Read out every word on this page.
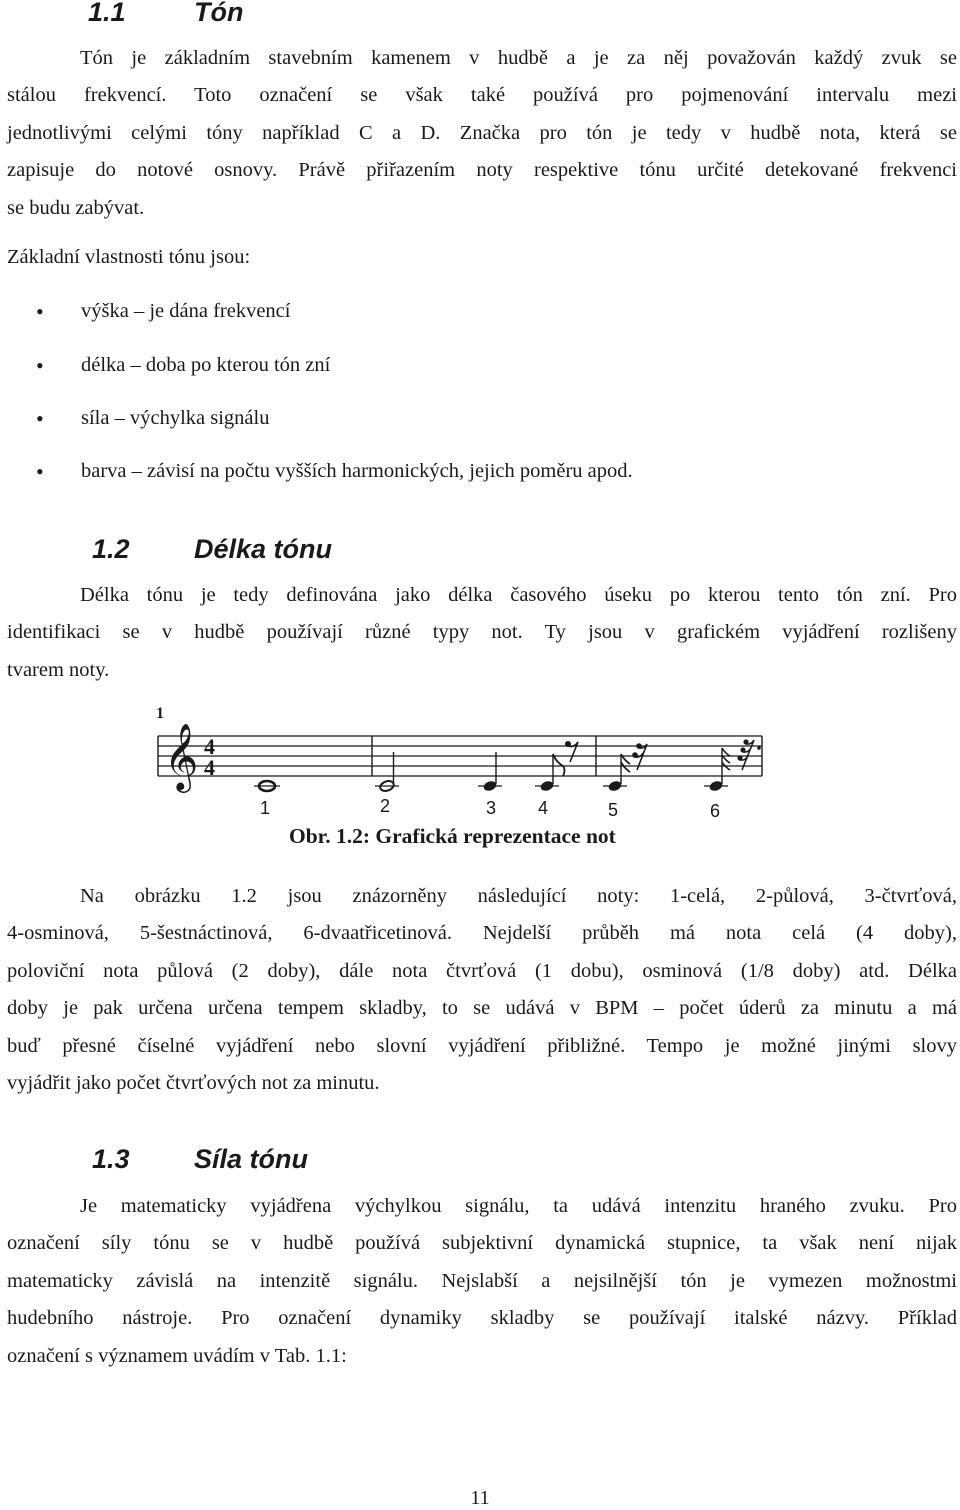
1.1	Tón
Tón je základním stavebním kamenem v hudbě a je za něj považován každý zvuk se
stálou frekvencí. Toto označení se však také používá pro pojmenování intervalu mezi
jednotlivými celými tóny například C a D. Značka pro tón je tedy v hudbě nota, která se
zapisuje do notové osnovy. Právě přiřazením noty respektive tónu určité detekované frekvenci
se budu zabývat.

Základní vlastnosti tónu jsou:

• výška – je dána frekvencí
• délka – doba po kterou tón zní
• síla – výchylka signálu
• barva – závisí na počtu vyšších harmonických, jejich poměru apod.
1.2 Délka tónu
Délka tónu je tedy definována jako délka časového úseku po kterou tento tón zní. Pro
identifikaci se v hudbě používají různé typy not. Ty jsou v grafickém vyjádření rozlišeny
tvarem noty.
1
𝄞 4
4
1	2	3 4	5	6

Obr. 1.2: Grafická reprezentace not

Na obrázku 1.2 jsou znázorněny následující noty: 1-celá, 2-půlová, 3-čtvrťová,
4-osminová, 5-šestnáctinová, 6-dvaatřicetinová. Nejdelší průběh má nota celá (4 doby),
poloviční nota půlová (2 doby), dále nota čtvrťová (1 dobu), osminová (1/8 doby) atd. Délka
doby je pak určena určena tempem skladby, to se udává v BPM – počet úderů za minutu a má
buď přesné číselné vyjádření nebo slovní vyjádření přibližné. Tempo je možné jinými slovy
vyjádřit jako počet čtvrťových not za minutu.
1.3 Síla tónu
Je matematicky vyjádřena výchylkou signálu, ta udává intenzitu hraného zvuku. Pro
označení síly tónu se v hudbě používá subjektivní dynamická stupnice, ta však není nijak
matematicky závislá na intenzitě signálu. Nejslabší a nejsilnější tón je vymezen možnostmi
hudebního nástroje. Pro označení dynamiky skladby se používají italské názvy. Příklad
označení s významem uvádím v Tab. 1.1:

11
